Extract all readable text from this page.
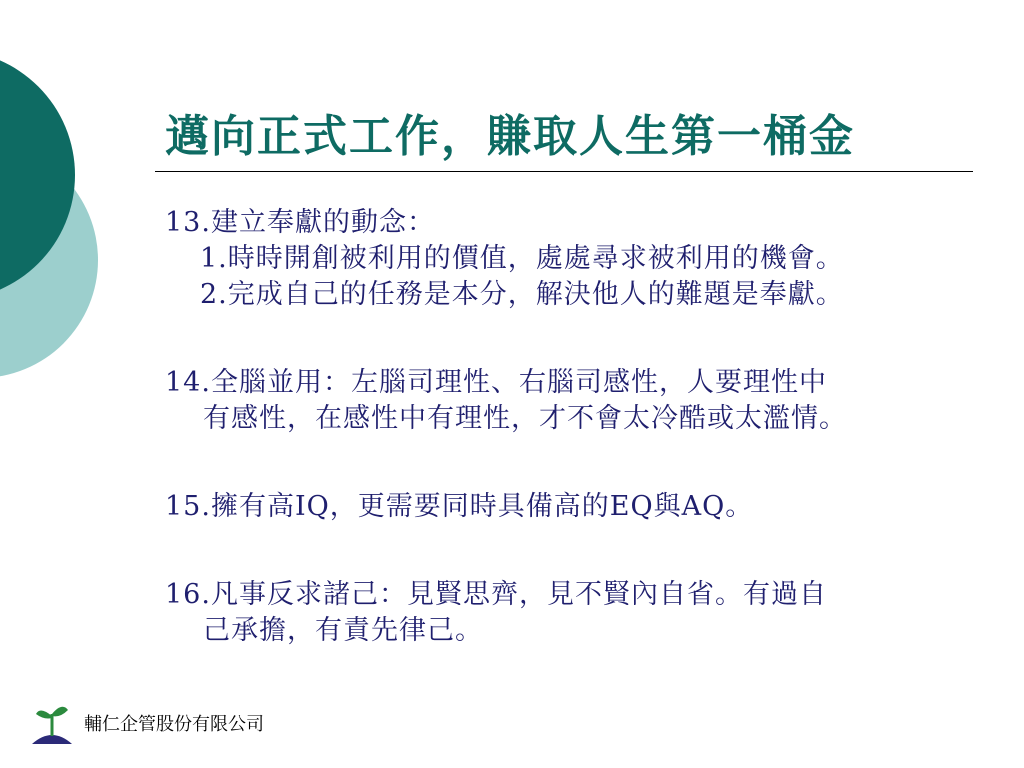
邁向正式工作，賺取人生第一桶金
13.建立奉獻的動念：
1.時時開創被利用的價值，處處尋求被利用的機會。
2.完成自己的任務是本分，解決他人的難題是奉獻。
14.全腦並用：左腦司理性、右腦司感性，人要理性中
有感性，在感性中有理性，才不會太冷酷或太濫情。
15.擁有高IQ，更需要同時具備高的EQ與AQ。
16.凡事反求諸己：見賢思齊，見不賢內自省。有過自
己承擔，有責先律己。
輔仁企管股份有限公司
